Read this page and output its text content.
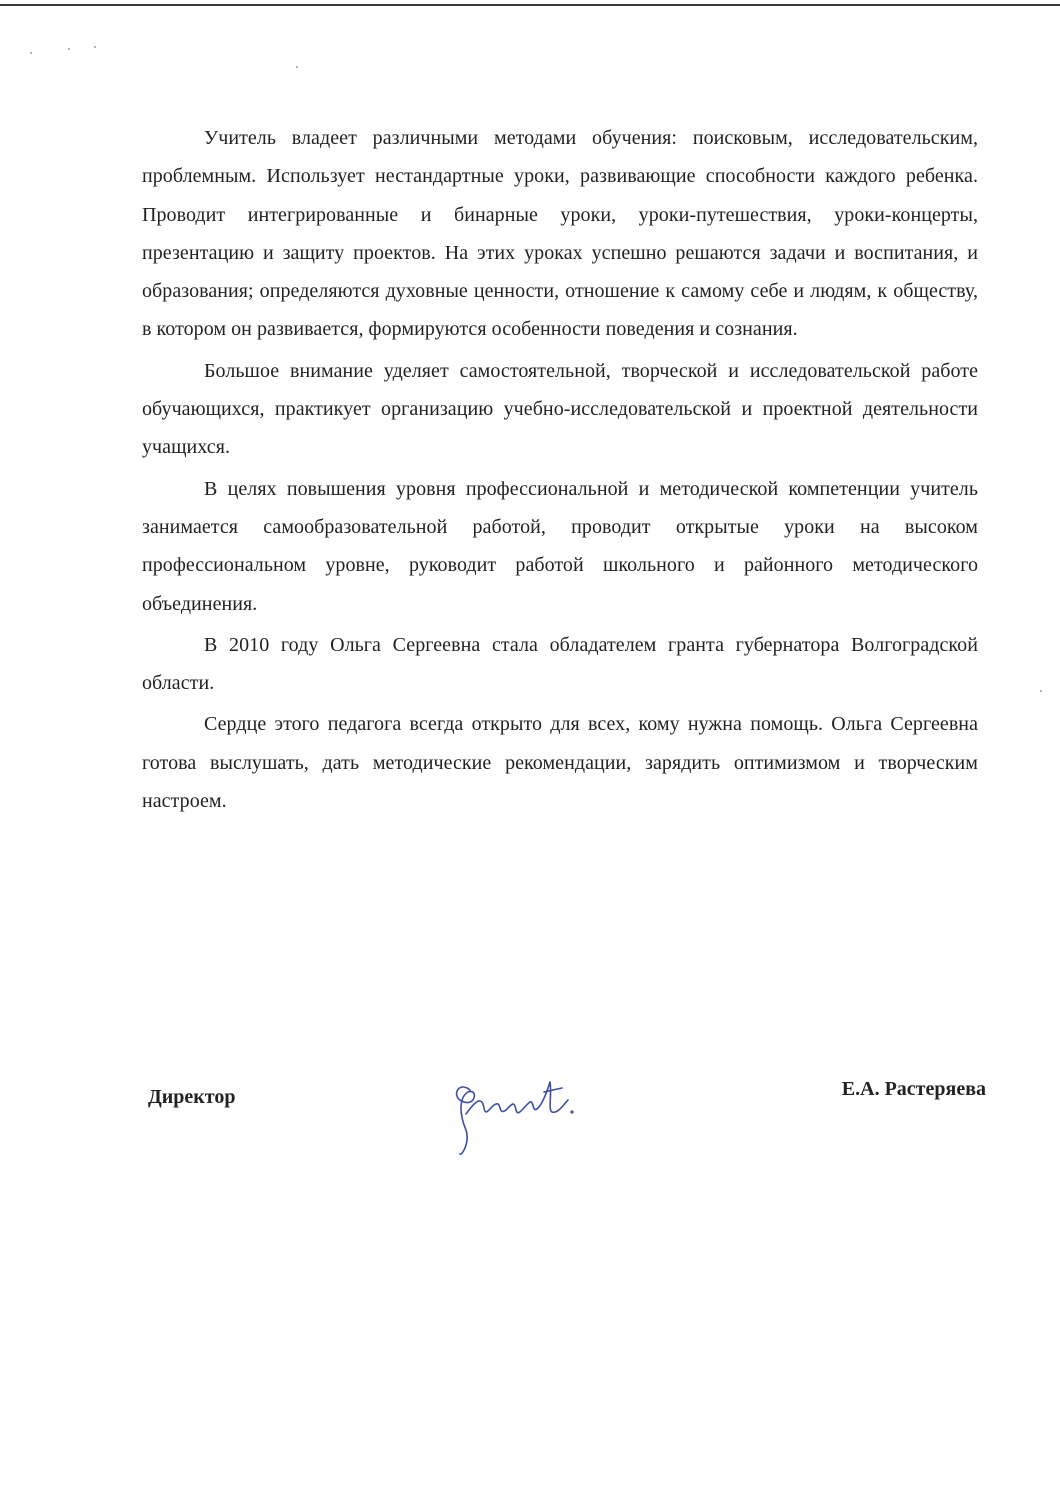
Учитель владеет различными методами обучения: поисковым, исследовательским, проблемным. Использует нестандартные уроки, развивающие способности каждого ребенка. Проводит интегрированные и бинарные уроки, уроки-путешествия, уроки-концерты, презентацию и защиту проектов. На этих уроках успешно решаются задачи и воспитания, и образования; определяются духовные ценности, отношение к самому себе и людям, к обществу, в котором он развивается, формируются особенности поведения и сознания.

Большое внимание уделяет самостоятельной, творческой и исследовательской работе обучающихся, практикует организацию учебно-исследовательской и проектной деятельности учащихся.

В целях повышения уровня профессиональной и методической компетенции учитель занимается самообразовательной работой, проводит открытые уроки на высоком профессиональном уровне, руководит работой школьного и районного методического объединения.

В 2010 году Ольга Сергеевна стала обладателем гранта губернатора Волгоградской области.

Сердце этого педагога всегда открыто для всех, кому нужна помощь. Ольга Сергеевна готова выслушать, дать методические рекомендации, зарядить оптимизмом и творческим настроем.

Директор	Е.А. Растеряева
